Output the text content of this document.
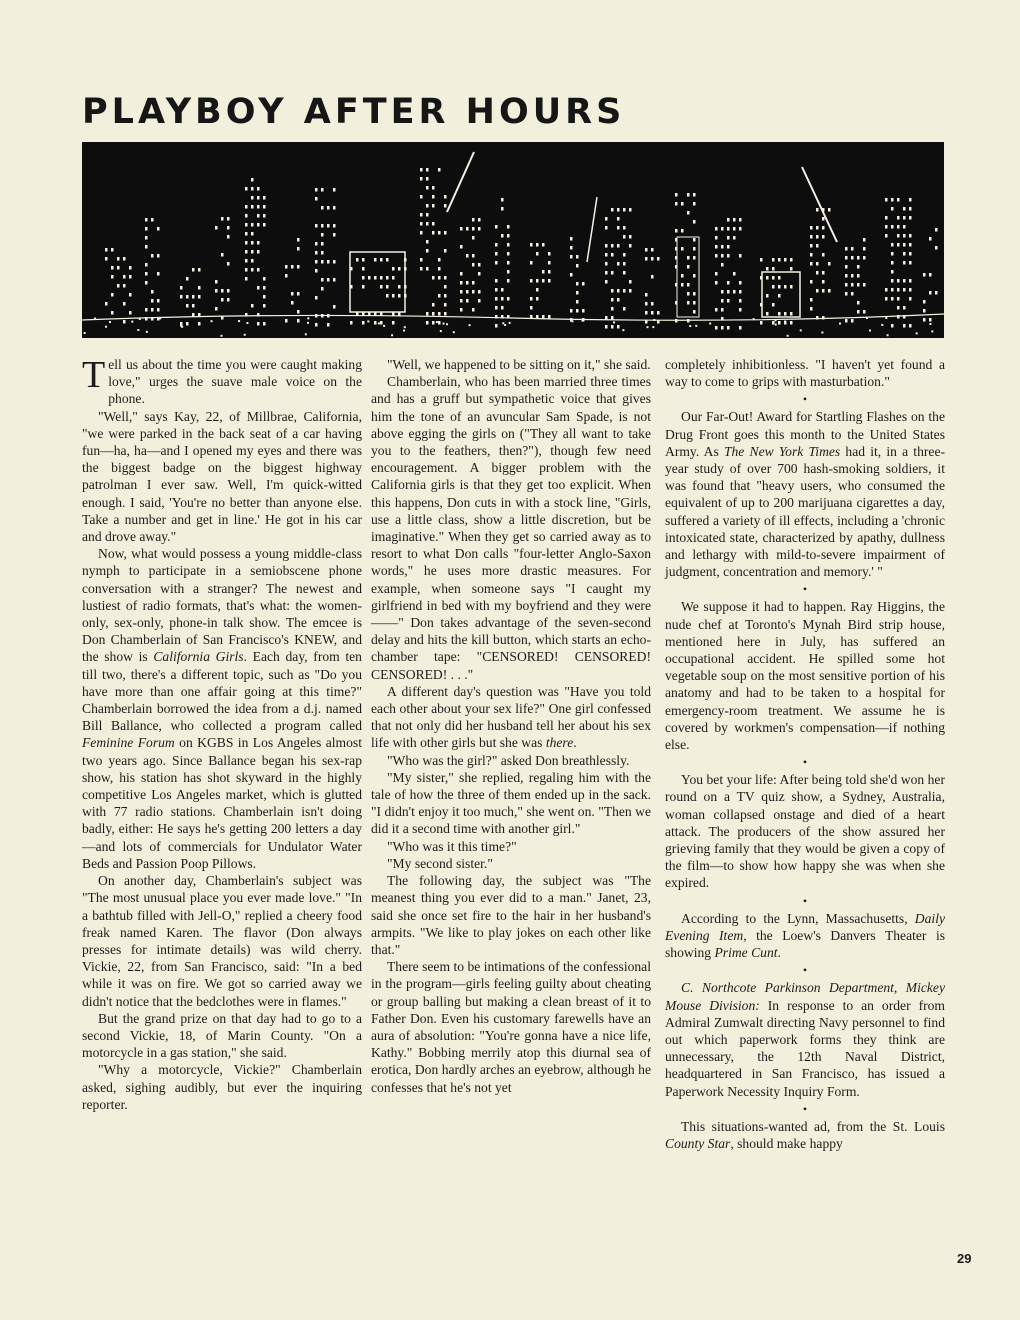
PLAYBOY AFTER HOURS

Tell us about the time you were caught making love," urges the suave male voice on the phone.

"Well," says Kay, 22, of Millbrae, California, "we were parked in the back seat of a car having fun—ha, ha—and I opened my eyes and there was the biggest badge on the biggest highway patrolman I ever saw. Well, I'm quick-witted enough. I said, 'You're no better than anyone else. Take a number and get in line.' He got in his car and drove away."

Now, what would possess a young middle-class nymph to participate in a semiobscene phone conversation with a stranger? The newest and lustiest of radio formats, that's what: the women-only, sex-only, phone-in talk show. The emcee is Don Chamberlain of San Francisco's KNEW, and the show is California Girls. Each day, from ten till two, there's a different topic, such as "Do you have more than one affair going at this time?" Chamberlain borrowed the idea from a d.j. named Bill Ballance, who collected a program called Feminine Forum on KGBS in Los Angeles almost two years ago. Since Ballance began his sex-rap show, his station has shot skyward in the highly competitive Los Angeles market, which is glutted with 77 radio stations. Chamberlain isn't doing badly, either: He says he's getting 200 letters a day—and lots of commercials for Undulator Water Beds and Passion Poop Pillows.

On another day, Chamberlain's subject was "The most unusual place you ever made love." "In a bathtub filled with Jell-O," replied a cheery food freak named Karen. The flavor (Don always presses for intimate details) was wild cherry. Vickie, 22, from San Francisco, said: "In a bed while it was on fire. We got so carried away we didn't notice that the bedclothes were in flames."

But the grand prize on that day had to go to a second Vickie, 18, of Marin County. "On a motorcycle in a gas station," she said.

"Why a motorcycle, Vickie?" Chamberlain asked, sighing audibly, but ever the inquiring reporter.

"Well, we happened to be sitting on it," she said.

Chamberlain, who has been married three times and has a gruff but sympathetic voice that gives him the tone of an avuncular Sam Spade, is not above egging the girls on ("They all want to take you to the feathers, then?"), though few need encouragement. A bigger problem with the California girls is that they get too explicit. When this happens, Don cuts in with a stock line, "Girls, use a little class, show a little discretion, but be imaginative." When they get so carried away as to resort to what Don calls "four-letter Anglo-Saxon words," he uses more drastic measures. For example, when someone says "I caught my girlfriend in bed with my boyfriend and they were——" Don takes advantage of the seven-second delay and hits the kill button, which starts an echo-chamber tape: "CENSORED! CENSORED! CENSORED! . . ."

A different day's question was "Have you told each other about your sex life?" One girl confessed that not only did her husband tell her about his sex life with other girls but she was there.

"Who was the girl?" asked Don breathlessly.

"My sister," she replied, regaling him with the tale of how the three of them ended up in the sack. "I didn't enjoy it too much," she went on. "Then we did it a second time with another girl."

"Who was it this time?"

"My second sister."

The following day, the subject was "The meanest thing you ever did to a man." Janet, 23, said she once set fire to the hair in her husband's armpits. "We like to play jokes on each other like that."

There seem to be intimations of the confessional in the program—girls feeling guilty about cheating or group balling but making a clean breast of it to Father Don. Even his customary farewells have an aura of absolution: "You're gonna have a nice life, Kathy." Bobbing merrily atop this diurnal sea of erotica, Don hardly arches an eyebrow, although he confesses that he's not yet

completely inhibitionless. "I haven't yet found a way to come to grips with masturbation."

•

Our Far-Out! Award for Startling Flashes on the Drug Front goes this month to the United States Army. As The New York Times had it, in a three-year study of over 700 hash-smoking soldiers, it was found that "heavy users, who consumed the equivalent of up to 200 marijuana cigarettes a day, suffered a variety of ill effects, including a 'chronic intoxicated state, characterized by apathy, dullness and lethargy with mild-to-severe impairment of judgment, concentration and memory.' "

•

We suppose it had to happen. Ray Higgins, the nude chef at Toronto's Mynah Bird strip house, mentioned here in July, has suffered an occupational accident. He spilled some hot vegetable soup on the most sensitive portion of his anatomy and had to be taken to a hospital for emergency-room treatment. We assume he is covered by workmen's compensation—if nothing else.

•

You bet your life: After being told she'd won her round on a TV quiz show, a Sydney, Australia, woman collapsed onstage and died of a heart attack. The producers of the show assured her grieving family that they would be given a copy of the film—to show how happy she was when she expired.

•

According to the Lynn, Massachusetts, Daily Evening Item, the Loew's Danvers Theater is showing Prime Cunt.

•

C. Northcote Parkinson Department, Mickey Mouse Division: In response to an order from Admiral Zumwalt directing Navy personnel to find out which paperwork forms they think are unnecessary, the 12th Naval District, headquartered in San Francisco, has issued a Paperwork Necessity Inquiry Form.

•

This situations-wanted ad, from the St. Louis County Star, should make happy

29
